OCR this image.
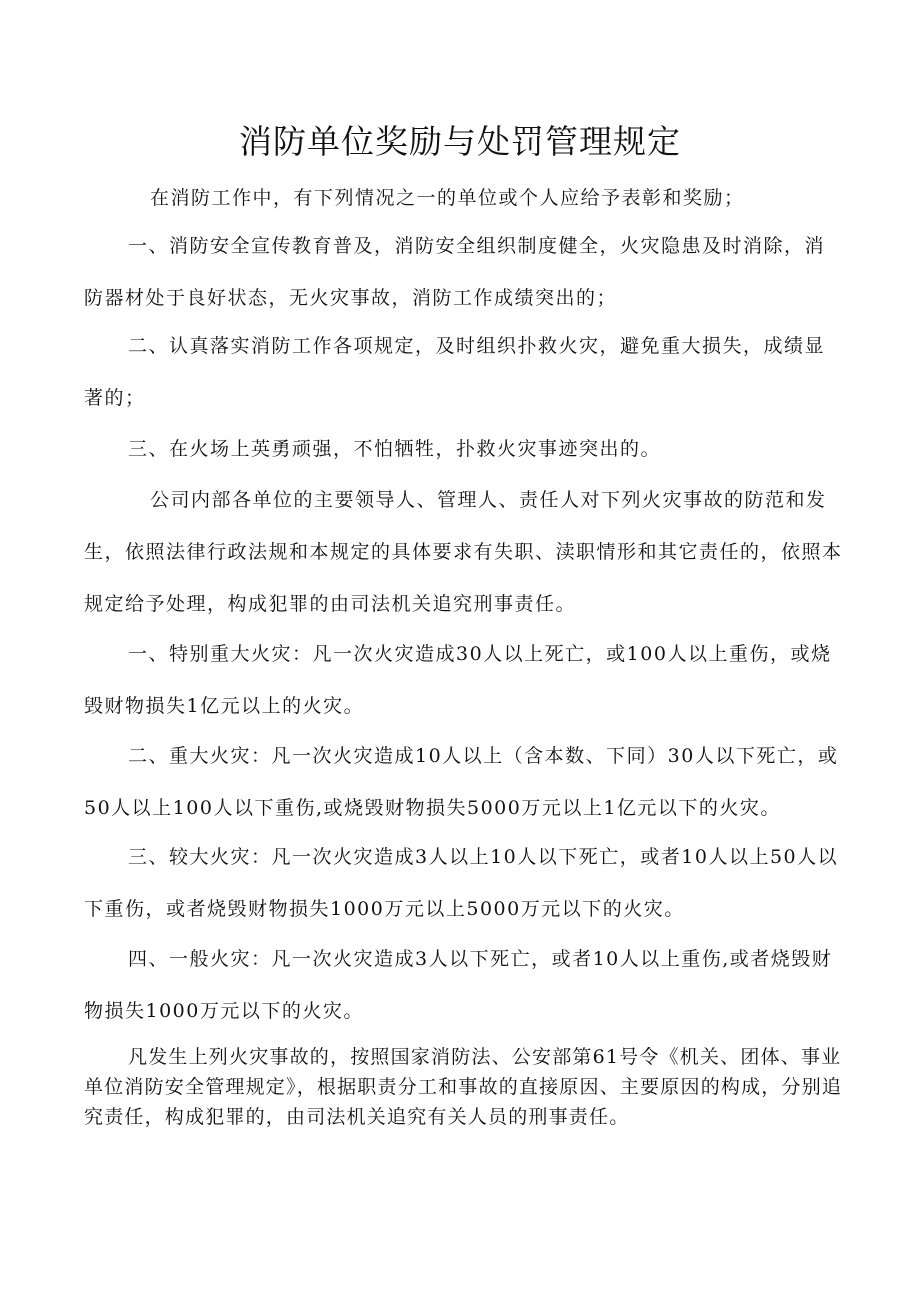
消防单位奖励与处罚管理规定

在消防工作中，有下列情况之一的单位或个人应给予表彰和奖励；

一、消防安全宣传教育普及，消防安全组织制度健全，火灾隐患及时消除，消防器材处于良好状态，无火灾事故，消防工作成绩突出的；

二、认真落实消防工作各项规定，及时组织扑救火灾，避免重大损失，成绩显著的；

三、在火场上英勇顽强，不怕牺牲，扑救火灾事迹突出的。

公司内部各单位的主要领导人、管理人、责任人对下列火灾事故的防范和发生，依照法律行政法规和本规定的具体要求有失职、渎职情形和其它责任的，依照本规定给予处理，构成犯罪的由司法机关追究刑事责任。

一、特别重大火灾：凡一次火灾造成30人以上死亡，或100人以上重伤，或烧毁财物损失1亿元以上的火灾。

二、重大火灾：凡一次火灾造成10人以上（含本数、下同）30人以下死亡，或50人以上100人以下重伤,或烧毁财物损失5000万元以上1亿元以下的火灾。

三、较大火灾：凡一次火灾造成3人以上10人以下死亡，或者10人以上50人以下重伤，或者烧毁财物损失1000万元以上5000万元以下的火灾。

四、一般火灾：凡一次火灾造成3人以下死亡，或者10人以上重伤,或者烧毁财物损失1000万元以下的火灾。

凡发生上列火灾事故的，按照国家消防法、公安部第61号令《机关、团体、事业单位消防安全管理规定》，根据职责分工和事故的直接原因、主要原因的构成，分别追究责任，构成犯罪的，由司法机关追究有关人员的刑事责任。
